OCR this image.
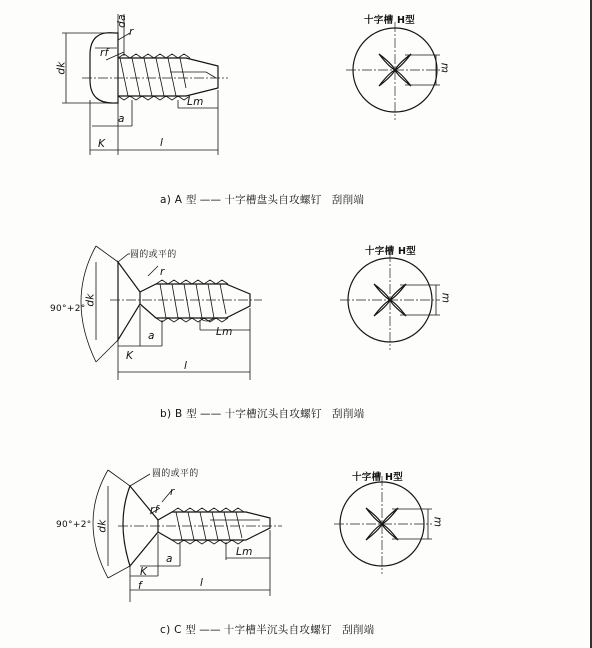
dk
da
r
rf
a
Lm
K	l
m
十字槽 H型
a) A 型 —— 十字槽盘头自攻螺钉 刮削端
圆的或平的
90°+2°
dk
r
a	Lm
K
l
m
十字槽 H型
b) B 型 —— 十字槽沉头自攻螺钉 刮削端
圆的或平的
90°+2° dk
r
rf
a
Lm
K
f	l
m
十字槽 H型
c) C 型 —— 十字槽半沉头自攻螺钉 刮削端
